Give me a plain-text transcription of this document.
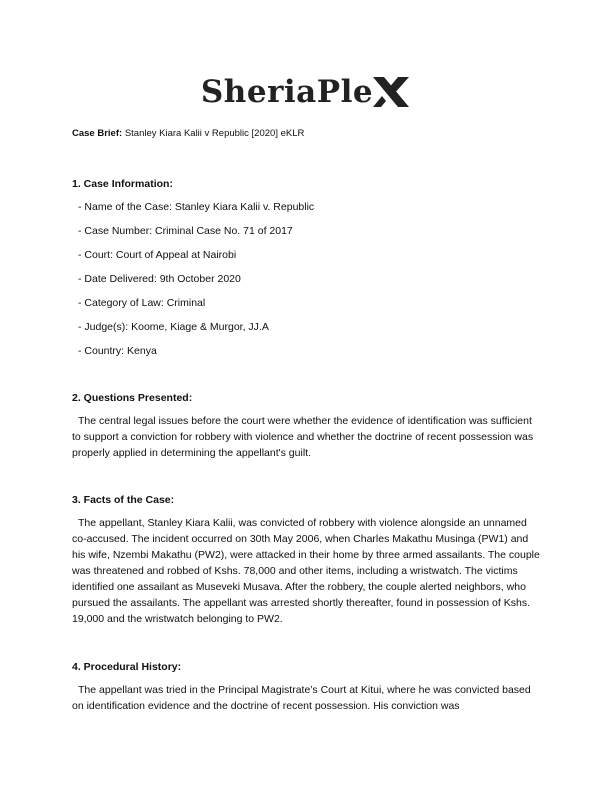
SheriaPle
Case Brief: Stanley Kiara Kalii v Republic [2020] eKLR
1. Case Information:
- Name of the Case: Stanley Kiara Kalii v. Republic
- Case Number: Criminal Case No. 71 of 2017
- Court: Court of Appeal at Nairobi
- Date Delivered: 9th October 2020
- Category of Law: Criminal
- Judge(s): Koome, Kiage & Murgor, JJ.A
- Country: Kenya
2. Questions Presented:

The central legal issues before the court were whether the evidence of identification was sufficient to support a conviction for robbery with violence and whether the doctrine of recent possession was properly applied in determining the appellant's guilt.

3. Facts of the Case:

The appellant, Stanley Kiara Kalii, was convicted of robbery with violence alongside an unnamed co-accused. The incident occurred on 30th May 2006, when Charles Makathu Musinga (PW1) and his wife, Nzembi Makathu (PW2), were attacked in their home by three armed assailants. The couple was threatened and robbed of Kshs. 78,000 and other items, including a wristwatch. The victims identified one assailant as Museveki Musava. After the robbery, the couple alerted neighbors, who pursued the assailants. The appellant was arrested shortly thereafter, found in possession of Kshs. 19,000 and the wristwatch belonging to PW2.

4. Procedural History:

The appellant was tried in the Principal Magistrate’s Court at Kitui, where he was convicted based on identification evidence and the doctrine of recent possession. His conviction was
